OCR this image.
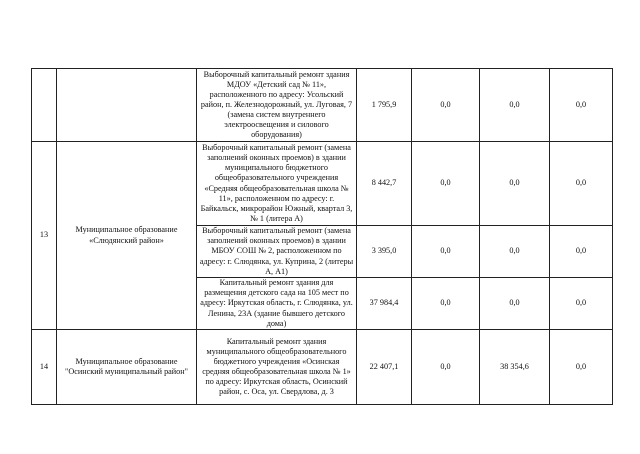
		Выборочный капитальный ремонт здания МДОУ «Детский сад № 11», расположенного по адресу: Усольский район, п. Железнодорожный, ул. Луговая, 7 (замена систем внутреннего электроосвещения и силового оборудования)	1 795,9	0,0	0,0	0,0
13	Муниципальное образование «Слюдянский район»	Выборочный капитальный ремонт (замена заполнений оконных проемов) в здании муниципального бюджетного общеобразовательного учреждения «Средняя общеобразовательная школа № 11», расположенном по адресу: г. Байкальск, микрорайон Южный, квартал 3, № 1 (литера А)	8 442,7	0,0	0,0	0,0
		Выборочный капитальный ремонт (замена заполнений оконных проемов) в здании МБОУ СОШ № 2, расположенном по адресу: г. Слюдянка, ул. Куприна, 2 (литеры А, А1)	3 395,0	0,0	0,0	0,0
		Капитальный ремонт здания для размещения детского сада на 105 мест по адресу: Иркутская область, г. Слюдянка, ул. Ленина, 23А (здание бывшего детского дома)	37 984,4	0,0	0,0	0,0
14	Муниципальное образование "Осинский муниципальный район"	Капитальный ремонт здания муниципального общеобразовательного бюджетного учреждения «Осинская средняя общеобразовательная школа № 1» по адресу: Иркутская область, Осинский район, с. Оса, ул. Свердлова, д. 3	22 407,1	0,0	38 354,6	0,0
